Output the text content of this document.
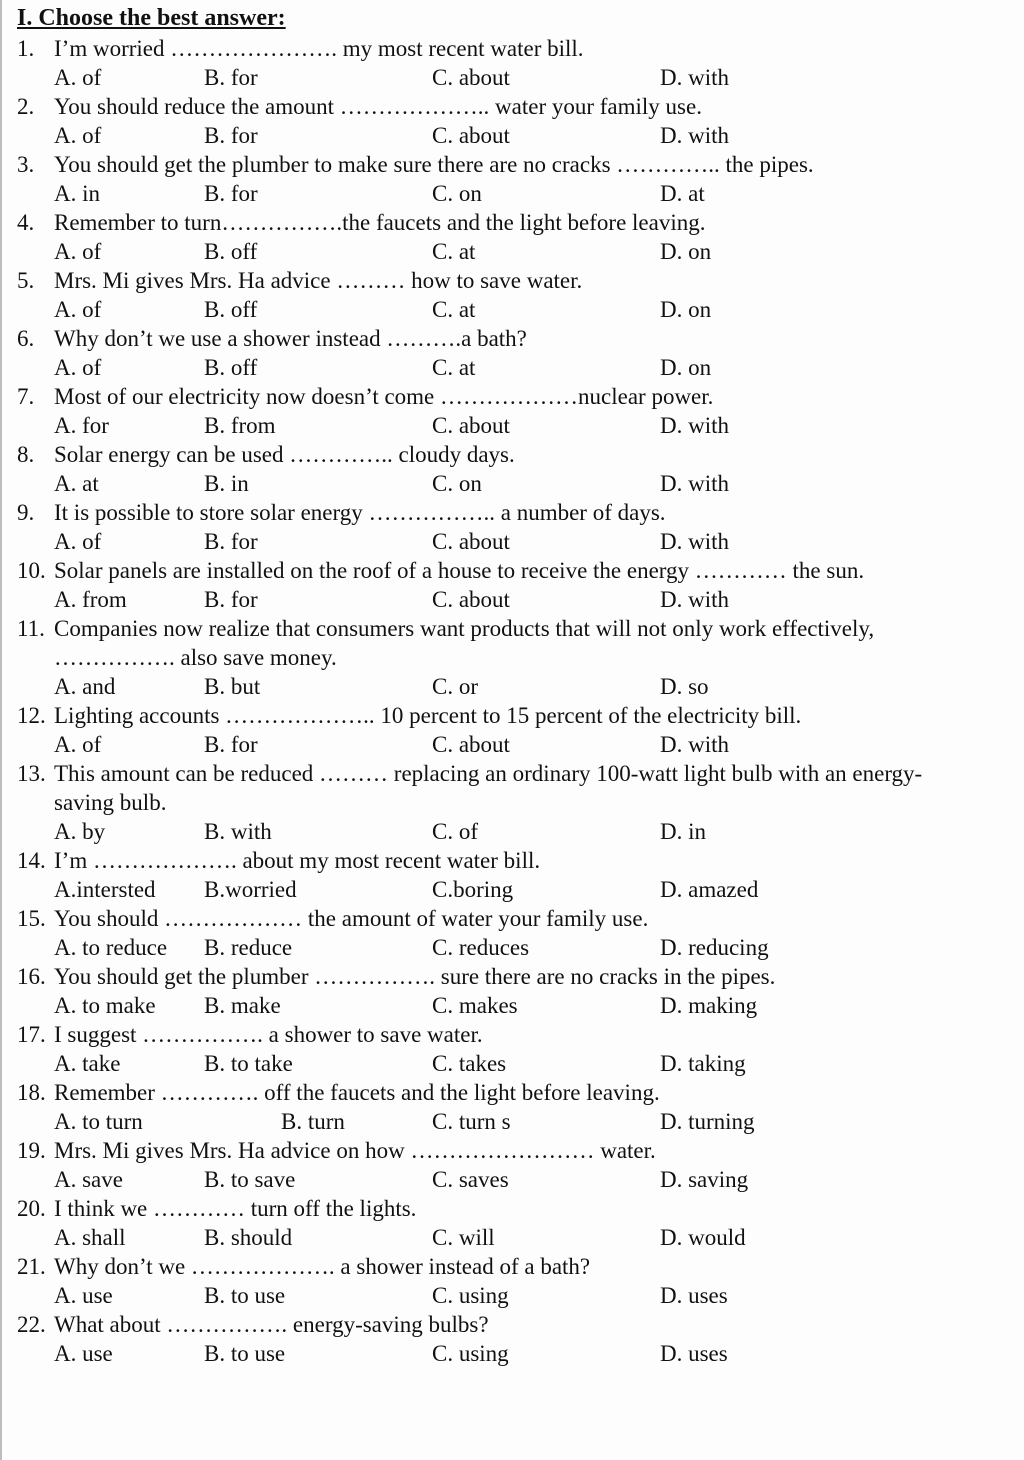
I. Choose the best answer:
1. I’m worried …………………. my most recent water bill.
A. of	B. for	C. about	D. with
2. You should reduce the amount ……………….. water your family use.
A. of	B. for	C. about	D. with
3. You should get the plumber to make sure there are no cracks ………….. the pipes.
A. in	B. for	C. on	D. at
4. Remember to turn…………….the faucets and the light before leaving.
A. of	B. off	C. at	D. on
5. Mrs. Mi gives Mrs. Ha advice ……… how to save water.
A. of	B. off	C. at	D. on
6. Why don’t we use a shower instead ……….a bath?
A. of	B. off	C. at	D. on
7. Most of our electricity now doesn’t come ………………nuclear power.
A. for	B. from	C. about	D. with
8. Solar energy can be used ………….. cloudy days.
A. at	B. in	C. on	D. with
9. It is possible to store solar energy …………….. a number of days.
A. of	B. for	C. about	D. with
10. Solar panels are installed on the roof of a house to receive the energy ………… the sun.
A. from	B. for	C. about	D. with
11. Companies now realize that consumers want products that will not only work effectively,
……………. also save money.
A. and	B. but	C. or	D. so
12. Lighting accounts ……………….. 10 percent to 15 percent of the electricity bill.
A. of	B. for	C. about	D. with
13. This amount can be reduced ……… replacing an ordinary 100-watt light bulb with an energy-
saving bulb.
A. by	B. with	C. of	D. in
14. I’m ………………. about my most recent water bill.
A.intersted B.worried	C.boring	D. amazed
15. You should ……………… the amount of water your family use.
A. to reduce B. reduce	C. reduces	D. reducing
16. You should get the plumber ……………. sure there are no cracks in the pipes.
A. to make B. make	C. makes	D. making
17. I suggest ……………. a shower to save water.
A. take	B. to take	C. takes	D. taking
18. Remember …………. off the faucets and the light before leaving.
A. to turn	B. turn	C. turn s	D. turning
19. Mrs. Mi gives Mrs. Ha advice on how …………………… water.
A. save	B. to save	C. saves	D. saving
20. I think we ………… turn off the lights.
A. shall	B. should	C. will	D. would
21. Why don’t we ………………. a shower instead of a bath?
A. use	B. to use	C. using	D. uses
22. What about ……………. energy-saving bulbs?
A. use	B. to use	C. using	D. uses
